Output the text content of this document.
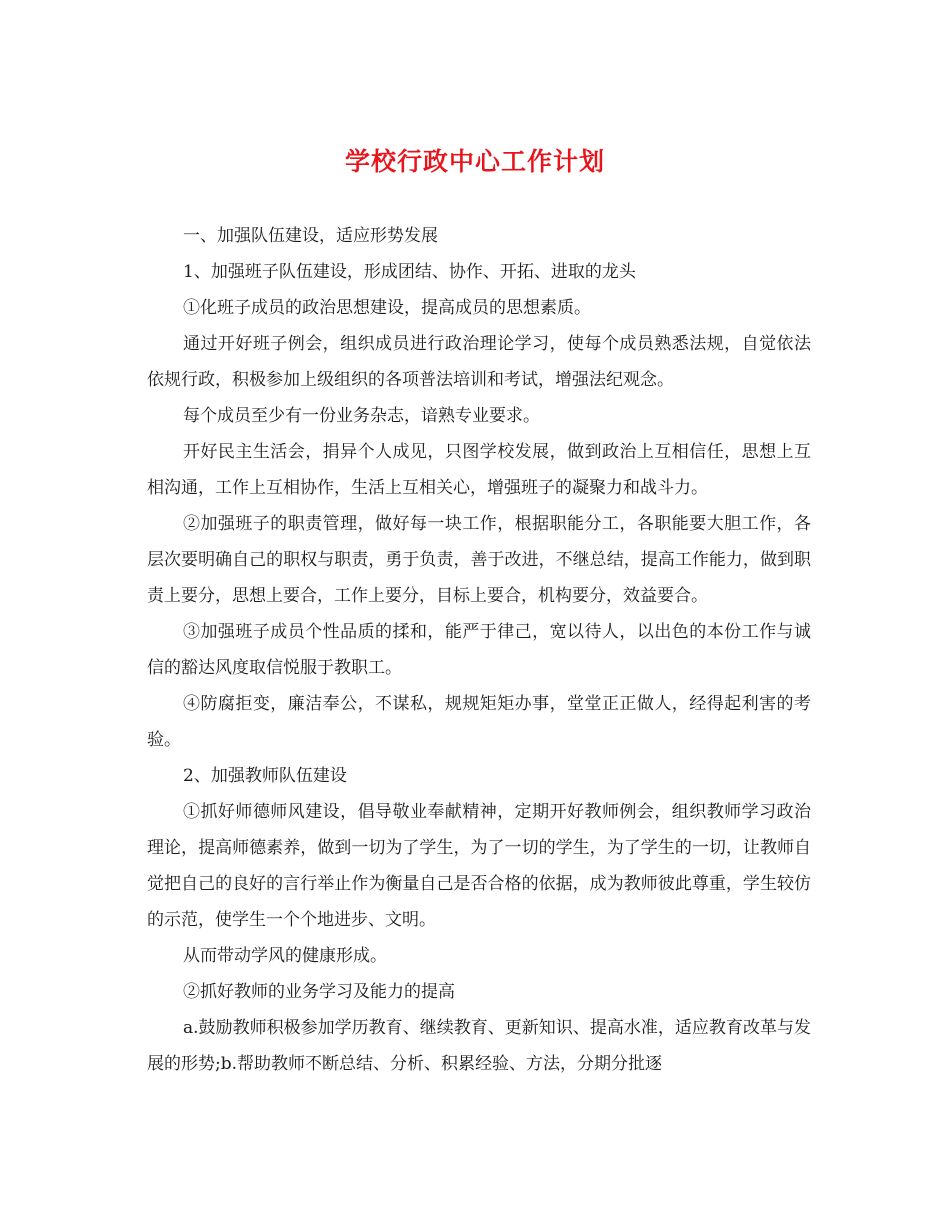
学校行政中心工作计划

一、加强队伍建设，适应形势发展

1、加强班子队伍建设，形成团结、协作、开拓、进取的龙头

①化班子成员的政治思想建设，提高成员的思想素质。

通过开好班子例会，组织成员进行政治理论学习，使每个成员熟悉法规，自觉依法依规行政，积极参加上级组织的各项普法培训和考试，增强法纪观念。

每个成员至少有一份业务杂志，谙熟专业要求。

开好民主生活会，捐异个人成见，只图学校发展，做到政治上互相信任，思想上互相沟通，工作上互相协作，生活上互相关心，增强班子的凝聚力和战斗力。

②加强班子的职责管理，做好每一块工作，根据职能分工，各职能要大胆工作，各层次要明确自己的职权与职责，勇于负责，善于改进，不继总结，提高工作能力，做到职责上要分，思想上要合，工作上要分，目标上要合，机构要分，效益要合。

③加强班子成员个性品质的揉和，能严于律己，宽以待人，以出色的本份工作与诚信的豁达风度取信悦服于教职工。

④防腐拒变，廉洁奉公，不谋私，规规矩矩办事，堂堂正正做人，经得起利害的考验。

2、加强教师队伍建设

①抓好师德师风建设，倡导敬业奉献精神，定期开好教师例会，组织教师学习政治理论，提高师德素养，做到一切为了学生，为了一切的学生，为了学生的一切，让教师自觉把自己的良好的言行举止作为衡量自己是否合格的依据，成为教师彼此尊重，学生较仿的示范，使学生一个个地进步、文明。

从而带动学风的健康形成。

②抓好教师的业务学习及能力的提高

a.鼓励教师积极参加学历教育、继续教育、更新知识、提高水准，适应教育改革与发展的形势;b.帮助教师不断总结、分析、积累经验、方法，分期分批逐
